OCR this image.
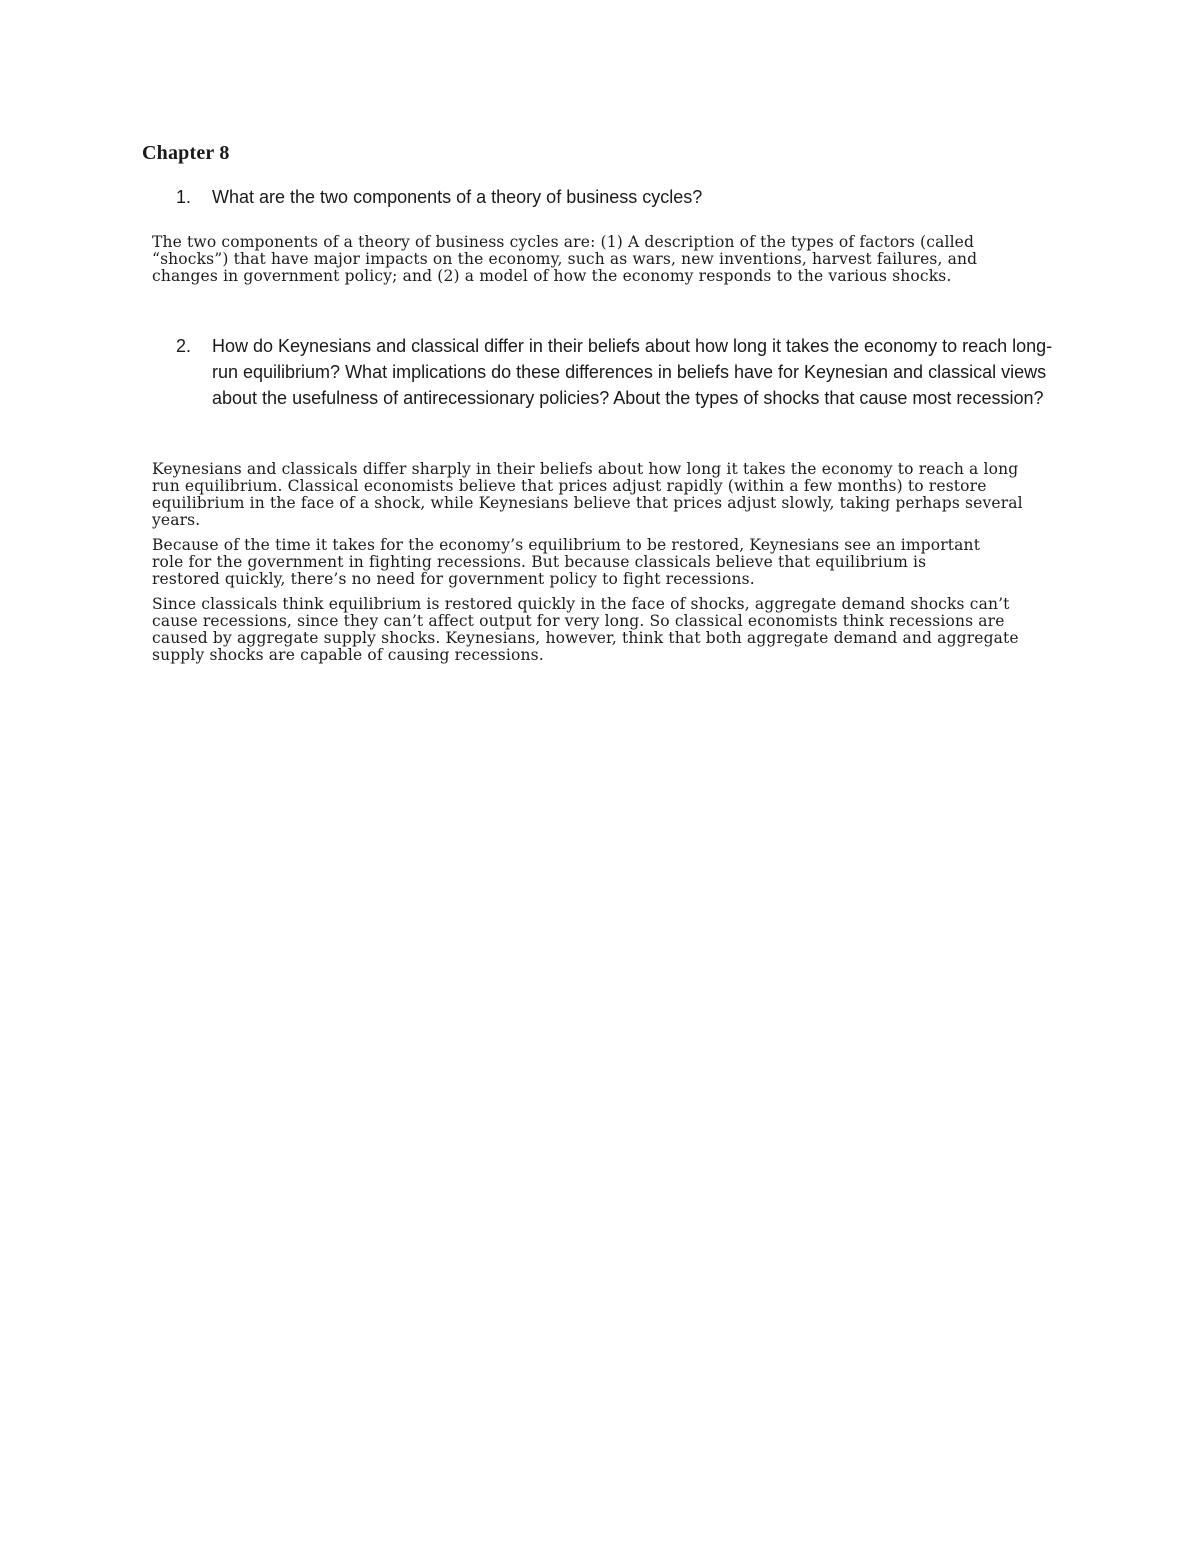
Chapter 8
1.	What are the two components of a theory of business cycles?

The two components of a theory of business cycles are: (1) A description of the types of factors (called “shocks”) that have major impacts on the economy, such as wars, new inventions, harvest failures, and changes in government policy; and (2) a model of how the economy responds to the various shocks.

2.	How do Keynesians and classical differ in their beliefs about how long it takes the economy to reach long-run equilibrium? What implications do these differences in beliefs have for Keynesian and classical views about the usefulness of antirecessionary policies? About the types of shocks that cause most recession?

Keynesians and classicals differ sharply in their beliefs about how long it takes the economy to reach a long run equilibrium. Classical economists believe that prices adjust rapidly (within a few months) to restore equilibrium in the face of a shock, while Keynesians believe that prices adjust slowly, taking perhaps several years.

Because of the time it takes for the economy’s equilibrium to be restored, Keynesians see an important role for the government in fighting recessions. But because classicals believe that equilibrium is restored quickly, there’s no need for government policy to fight recessions.

Since classicals think equilibrium is restored quickly in the face of shocks, aggregate demand shocks can’t cause recessions, since they can’t affect output for very long. So classical economists think recessions are caused by aggregate supply shocks. Keynesians, however, think that both aggregate demand and aggregate supply shocks are capable of causing recessions.
